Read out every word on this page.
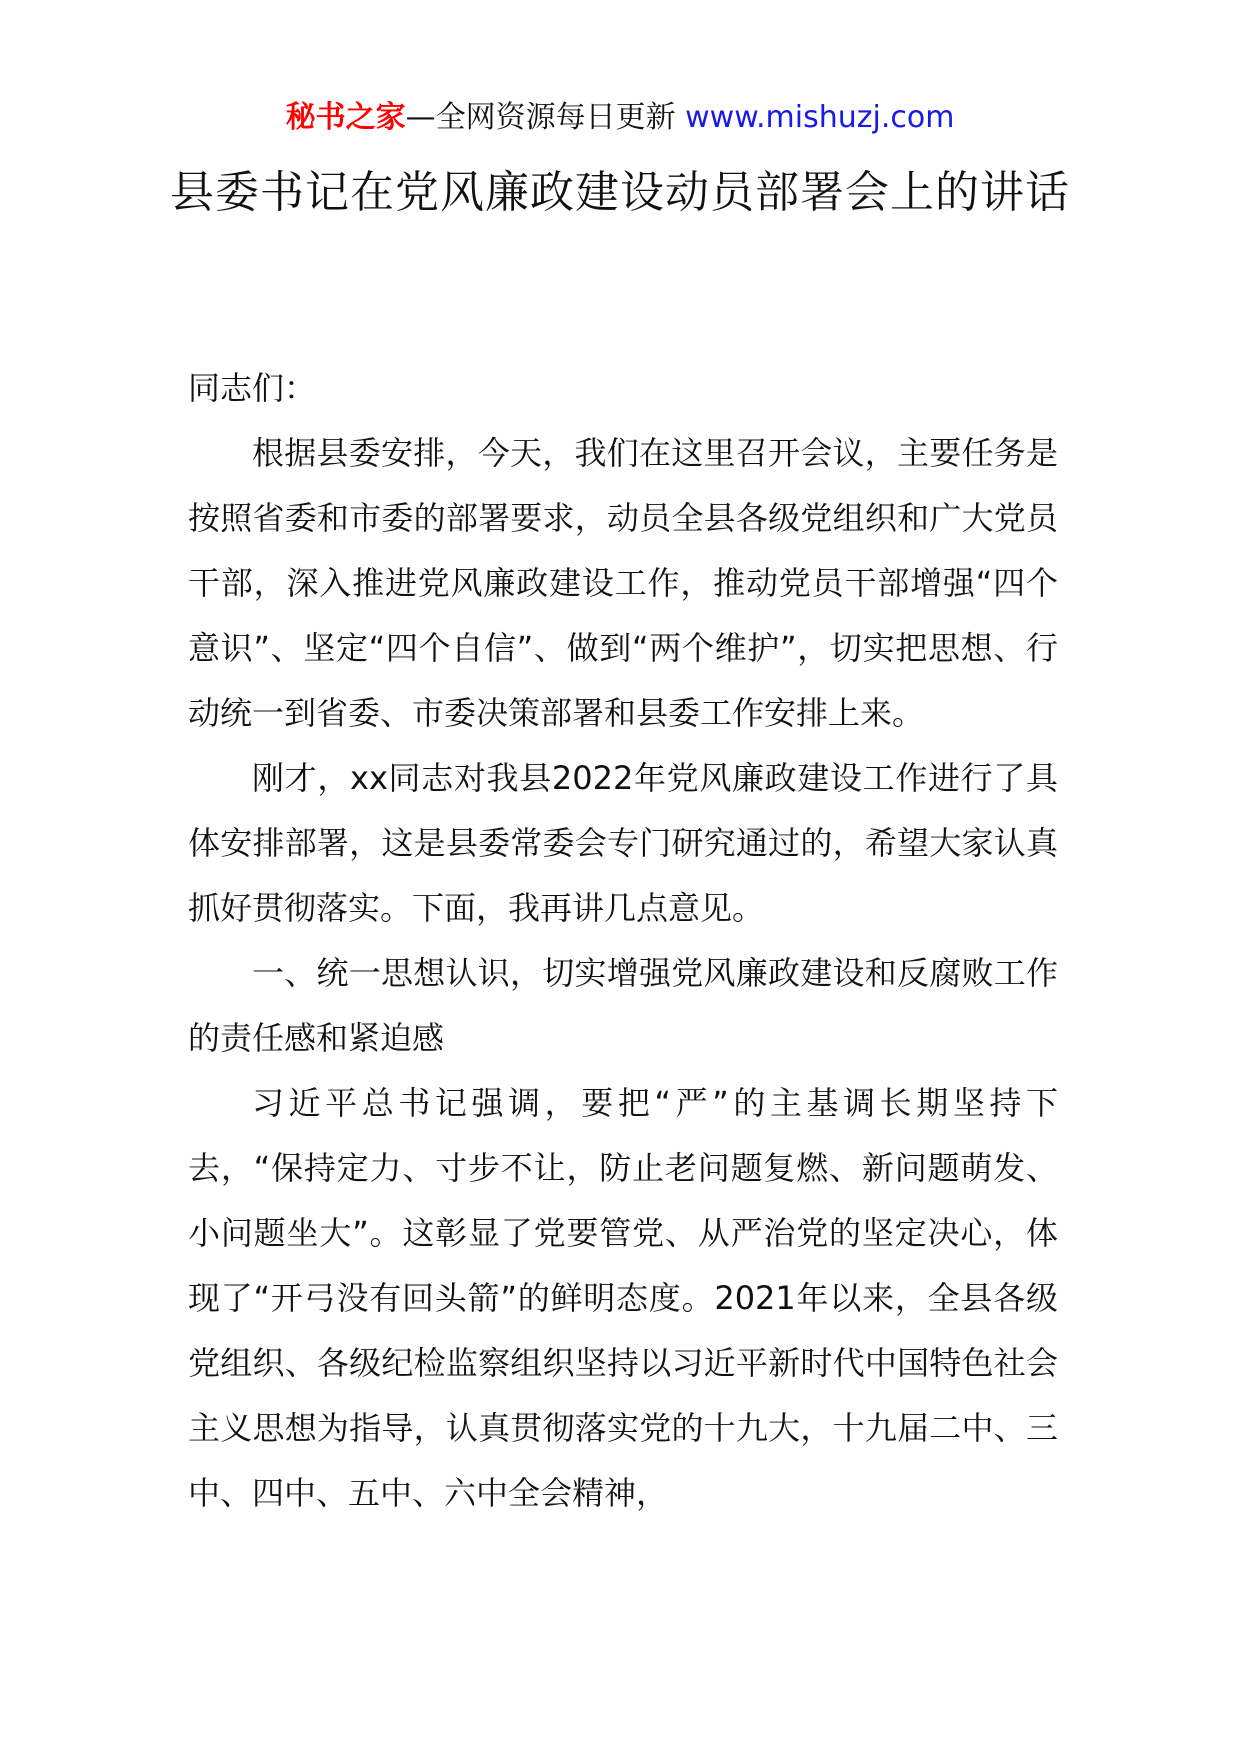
秘书之家—全网资源每日更新 www.mishuzj.com
县委书记在党风廉政建设动员部署会上的讲话

同志们：

根据县委安排，今天，我们在这里召开会议，主要任务是按照省委和市委的部署要求，动员全县各级党组织和广大党员干部，深入推进党风廉政建设工作，推动党员干部增强“四个意识”、坚定“四个自信”、做到“两个维护”，切实把思想、行动统一到省委、市委决策部署和县委工作安排上来。

刚才，xx同志对我县2022年党风廉政建设工作进行了具体安排部署，这是县委常委会专门研究通过的，希望大家认真抓好贯彻落实。下面，我再讲几点意见。

一、统一思想认识，切实增强党风廉政建设和反腐败工作的责任感和紧迫感

习近平总书记强调，要把“严”的主基调长期坚持下去，“保持定力、寸步不让，防止老问题复燃、新问题萌发、小问题坐大”。这彰显了党要管党、从严治党的坚定决心，体现了“开弓没有回头箭”的鲜明态度。2021年以来，全县各级党组织、各级纪检监察组织坚持以习近平新时代中国特色社会主义思想为指导，认真贯彻落实党的十九大，十九届二中、三中、四中、五中、六中全会精神，
